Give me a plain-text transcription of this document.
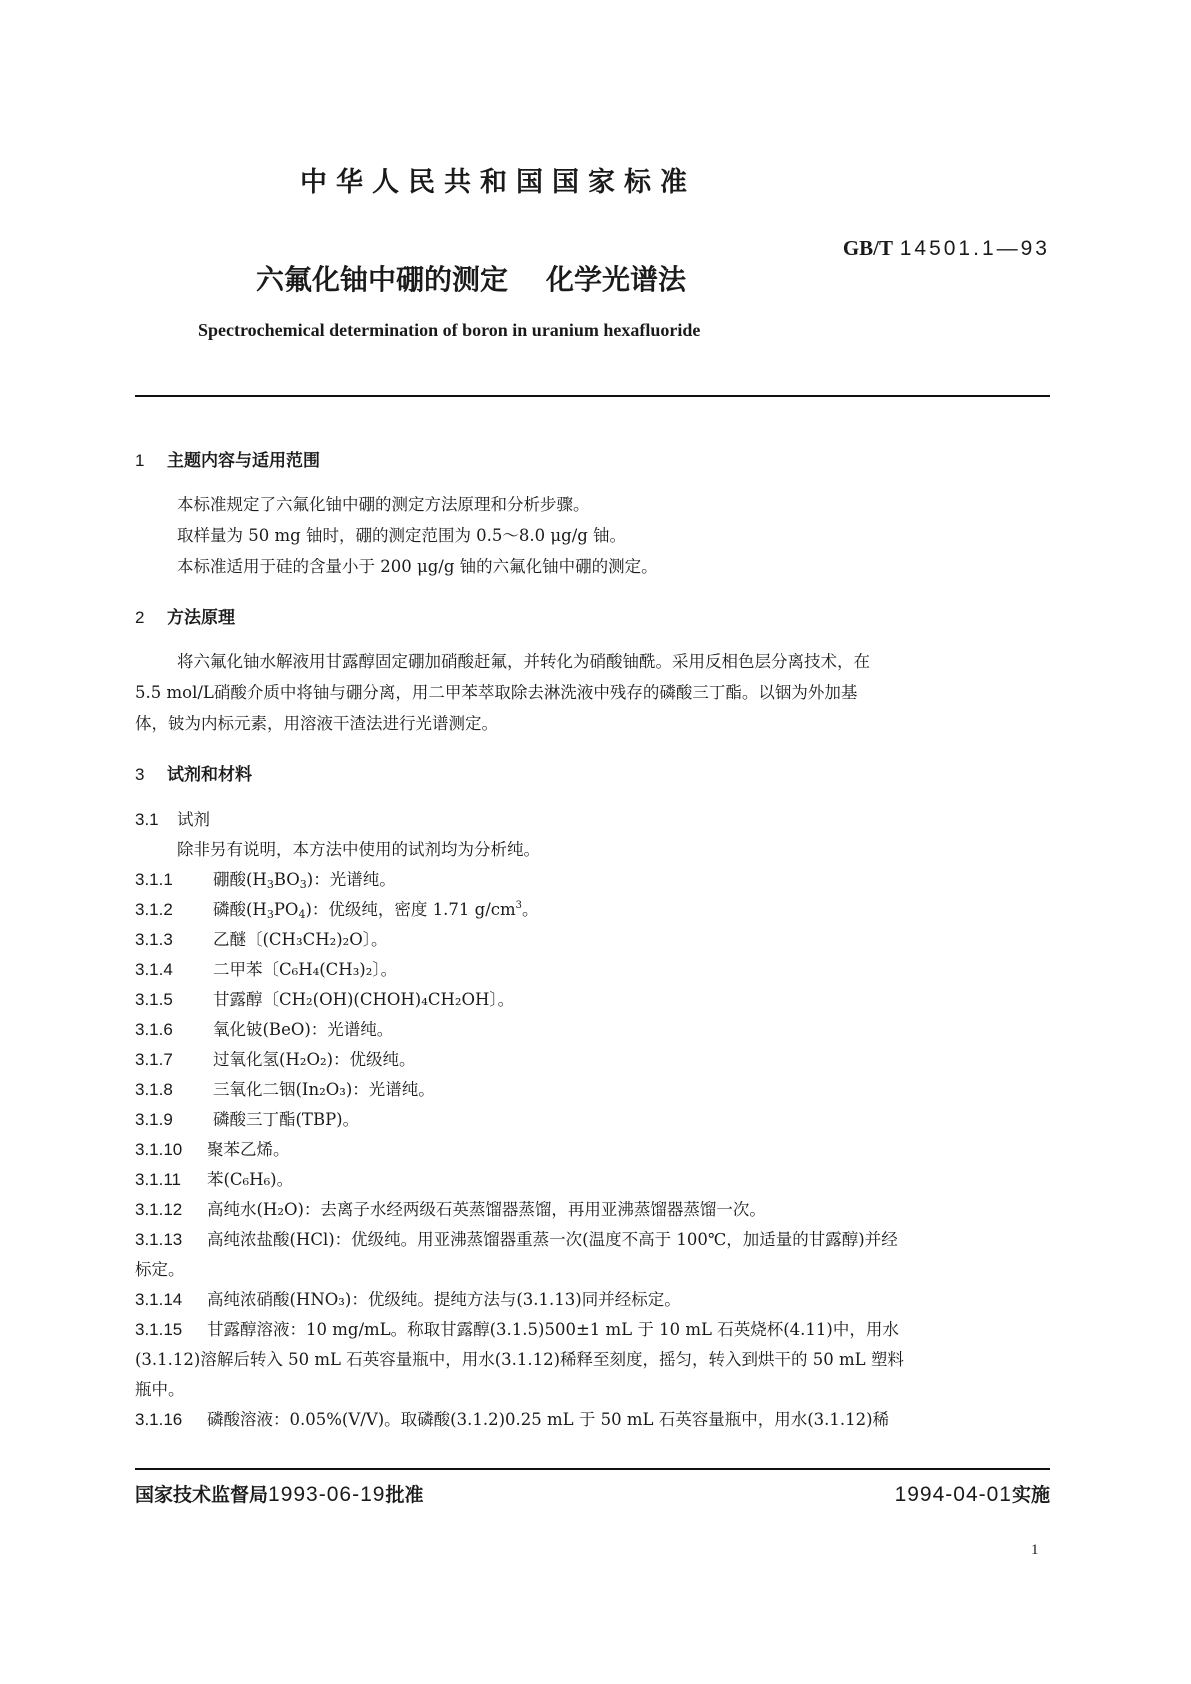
中华人民共和国国家标准
GB/T 14501.1—93
六氟化铀中硼的测定 化学光谱法
Spectrochemical determination of boron in uranium hexafluoride
1 主题内容与适用范围
本标准规定了六氟化铀中硼的测定方法原理和分析步骤。
取样量为 50 mg 铀时，硼的测定范围为 0.5～8.0 μg/g 铀。
本标准适用于硅的含量小于 200 μg/g 铀的六氟化铀中硼的测定。
2 方法原理
将六氟化铀水解液用甘露醇固定硼加硝酸赶氟，并转化为硝酸铀酰。采用反相色层分离技术，在
5.5 mol/L硝酸介质中将铀与硼分离，用二甲苯萃取除去淋洗液中残存的磷酸三丁酯。以铟为外加基
体，铍为内标元素，用溶液干渣法进行光谱测定。
3 试剂和材料
3.1 试剂
除非另有说明，本方法中使用的试剂均为分析纯。
3.1.1 硼酸$(H_3BO_3)$：光谱纯。
3.1.2 磷酸$(H_3PO_4)$：优级纯，密度 1.71 $g/cm^3$。
3.1.3 乙醚〔(CH₃CH₂)₂O〕。
3.1.4 二甲苯〔C₆H₄(CH₃)₂〕。
3.1.5 甘露醇〔CH₂(OH)(CHOH)₄CH₂OH〕。
3.1.6 氧化铍(BeO)：光谱纯。
3.1.7 过氧化氢(H₂O₂)：优级纯。
3.1.8 三氧化二铟(In₂O₃)：光谱纯。
3.1.9 磷酸三丁酯(TBP)。
3.1.10 聚苯乙烯。
3.1.11 苯(C₆H₆)。
3.1.12 高纯水(H₂O)：去离子水经两级石英蒸馏器蒸馏，再用亚沸蒸馏器蒸馏一次。
3.1.13 高纯浓盐酸(HCl)：优级纯。用亚沸蒸馏器重蒸一次(温度不高于 100℃，加适量的甘露醇)并经
标定。
3.1.14 高纯浓硝酸(HNO₃)：优级纯。提纯方法与(3.1.13)同并经标定。
3.1.15 甘露醇溶液：10 mg/mL。称取甘露醇(3.1.5)500±1 mL 于 10 mL 石英烧杯(4.11)中，用水
(3.1.12)溶解后转入 50 mL 石英容量瓶中，用水(3.1.12)稀释至刻度，摇匀，转入到烘干的 50 mL 塑料
瓶中。
3.1.16 磷酸溶液：0.05%(V/V)。取磷酸(3.1.2)0.25 mL 于 50 mL 石英容量瓶中，用水(3.1.12)稀
国家技术监督局1993-06-19批准	1994-04-01实施
1
